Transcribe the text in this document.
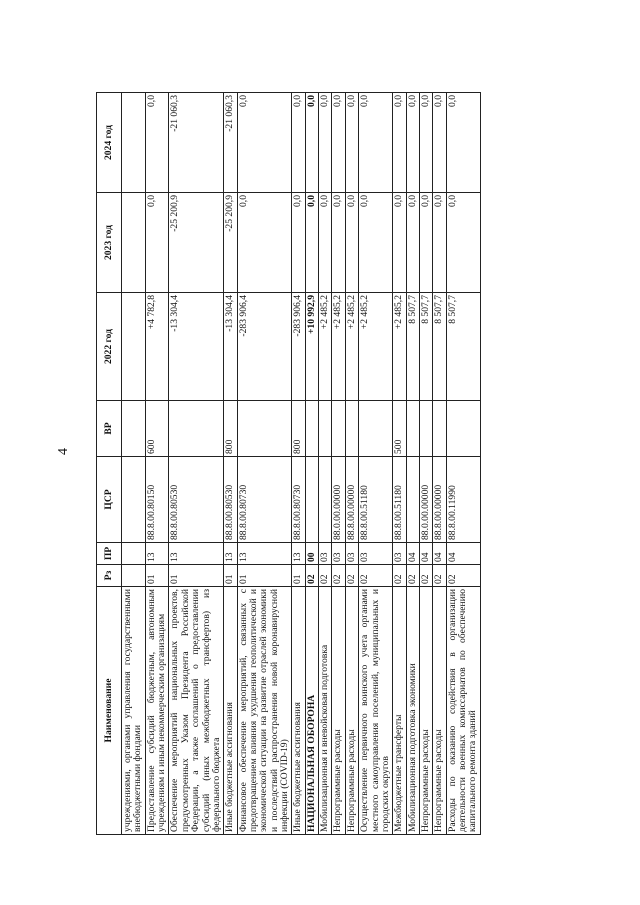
4
Наименование	Рз	ПР	ЦСР	ВР	2022 год	2023 год	2024 год
учреждениями, органами управления государственными внебюджетными фондами							
Предоставление субсидий бюджетным, автономным учреждениям и иным некоммерческим организациям	01	13	88.8.00.80150	600	+4 782,8	0,0	0,0
Обеспечение мероприятий национальных проектов, предусмотренных Указом Президента Российской Федерации, а также соглашений о предоставлении субсидий (иных межбюджетных трансфертов) из федерального бюджета	01	13	88.8.00.80530		-13 304,4	-25 200,9	-21 060,3
Иные бюджетные ассигнования	01	13	88.8.00.80530	800	-13 304,4	-25 200,9	-21 060,3
Финансовое обеспечение мероприятий, связанных с предотвращением влияния ухудшения геополитической и экономической ситуации на развитие отраслей экономики и последствий распространения новой коронавирусной инфекции (COVID-19)	01	13	88.8.00.80730		-283 906,4	0,0	0,0
Иные бюджетные ассигнования	01	13	88.8.00.80730	800	-283 906,4	0,0	0,0
НАЦИОНАЛЬНАЯ ОБОРОНА	02	00			+10 992,9	0,0	0,0
Мобилизационная и вневойсковая подготовка	02	03			+2 485,2	0,0	0,0
Непрограммные расходы	02	03	88.0.00.00000		+2 485,2	0,0	0,0
Непрограммные расходы	02	03	88.8.00.00000		+2 485,2	0,0	0,0
Осуществление первичного воинского учета органами местного самоуправления поселений, муниципальных и городских округов	02	03	88.8.00.51180		+2 485,2	0,0	0,0
Межбюджетные трансферты	02	03	88.8.00.51180	500	+2 485,2	0,0	0,0
Мобилизационная подготовка экономики	02	04			8 507,7	0,0	0,0
Непрограммные расходы	02	04	88.0.00.00000		8 507,7	0,0	0,0
Непрограммные расходы	02	04	88.8.00.00000		8 507,7	0,0	0,0
Расходы по оказанию содействия в организации деятельности военных комиссариатов по обеспечению капитального ремонта зданий	02	04	88.8.00.11990		8 507,7	0,0	0,0
